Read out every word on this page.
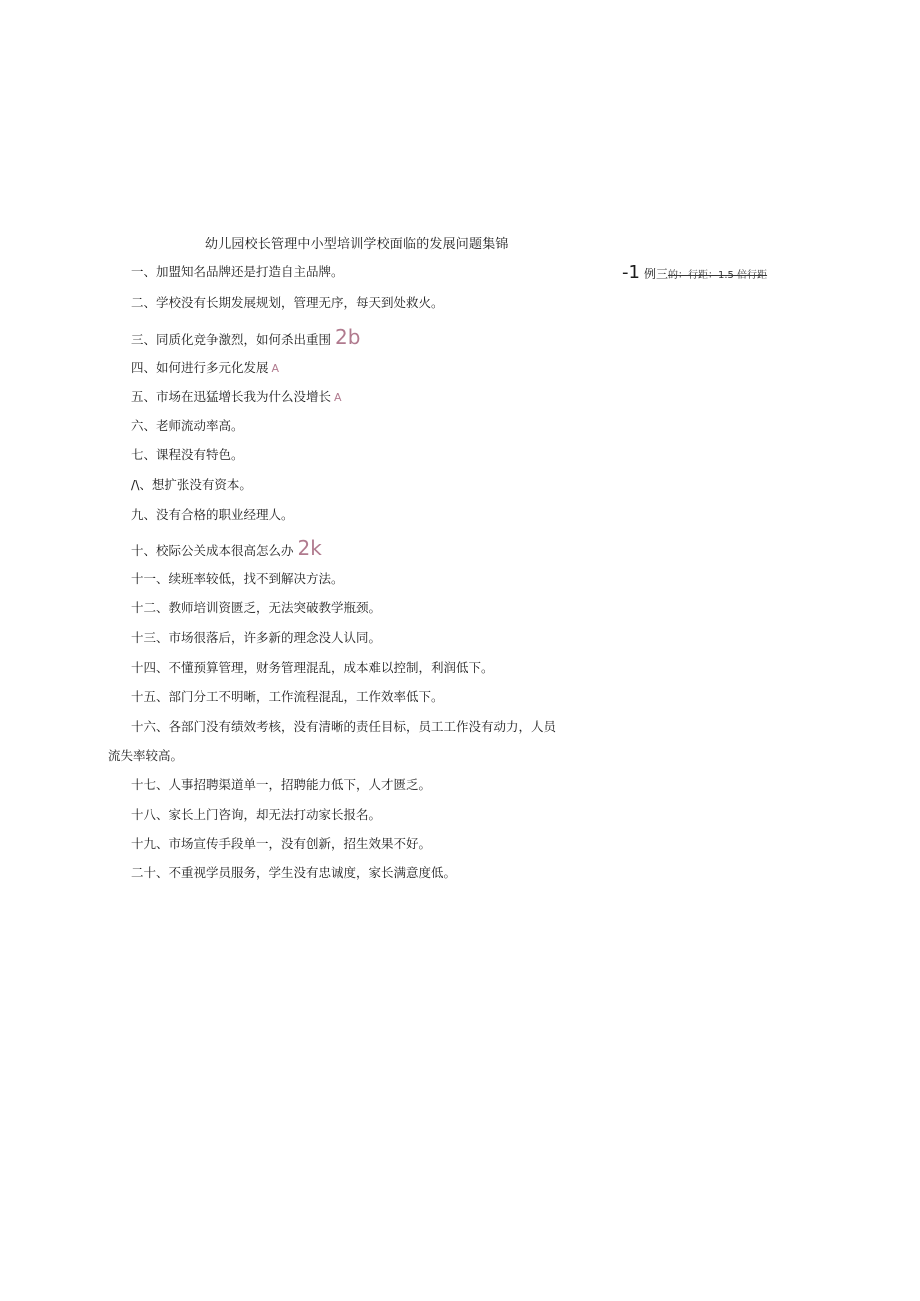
幼儿园校长管理中小型培训学校面临的发展问题集锦
-1 例三的：行距：1.5 倍行距
一、加盟知名品牌还是打造自主品牌。
二、学校没有长期发展规划，管理无序，每天到处救火。
三、同质化竞争激烈，如何杀出重围 2b
四、如何进行多元化发展 A
五、市场在迅猛增长我为什么没增长 A
六、老师流动率高。
七、课程没有特色。
/\、想扩张没有资本。
九、没有合格的职业经理人。
十、校际公关成本很高怎么办 2k
十一、续班率较低，找不到解决方法。
十二、教师培训资匮乏，无法突破教学瓶颈。
十三、市场很落后，许多新的理念没人认同。
十四、不懂预算管理，财务管理混乱，成本难以控制，利润低下。
十五、部门分工不明晰，工作流程混乱，工作效率低下。
十六、各部门没有绩效考核，没有清晰的责任目标，员工工作没有动力，人员
流失率较高。
十七、人事招聘渠道单一，招聘能力低下，人才匮乏。
十八、家长上门咨询，却无法打动家长报名。
十九、市场宣传手段单一，没有创新，招生效果不好。
二十、不重视学员服务，学生没有忠诚度，家长满意度低。
